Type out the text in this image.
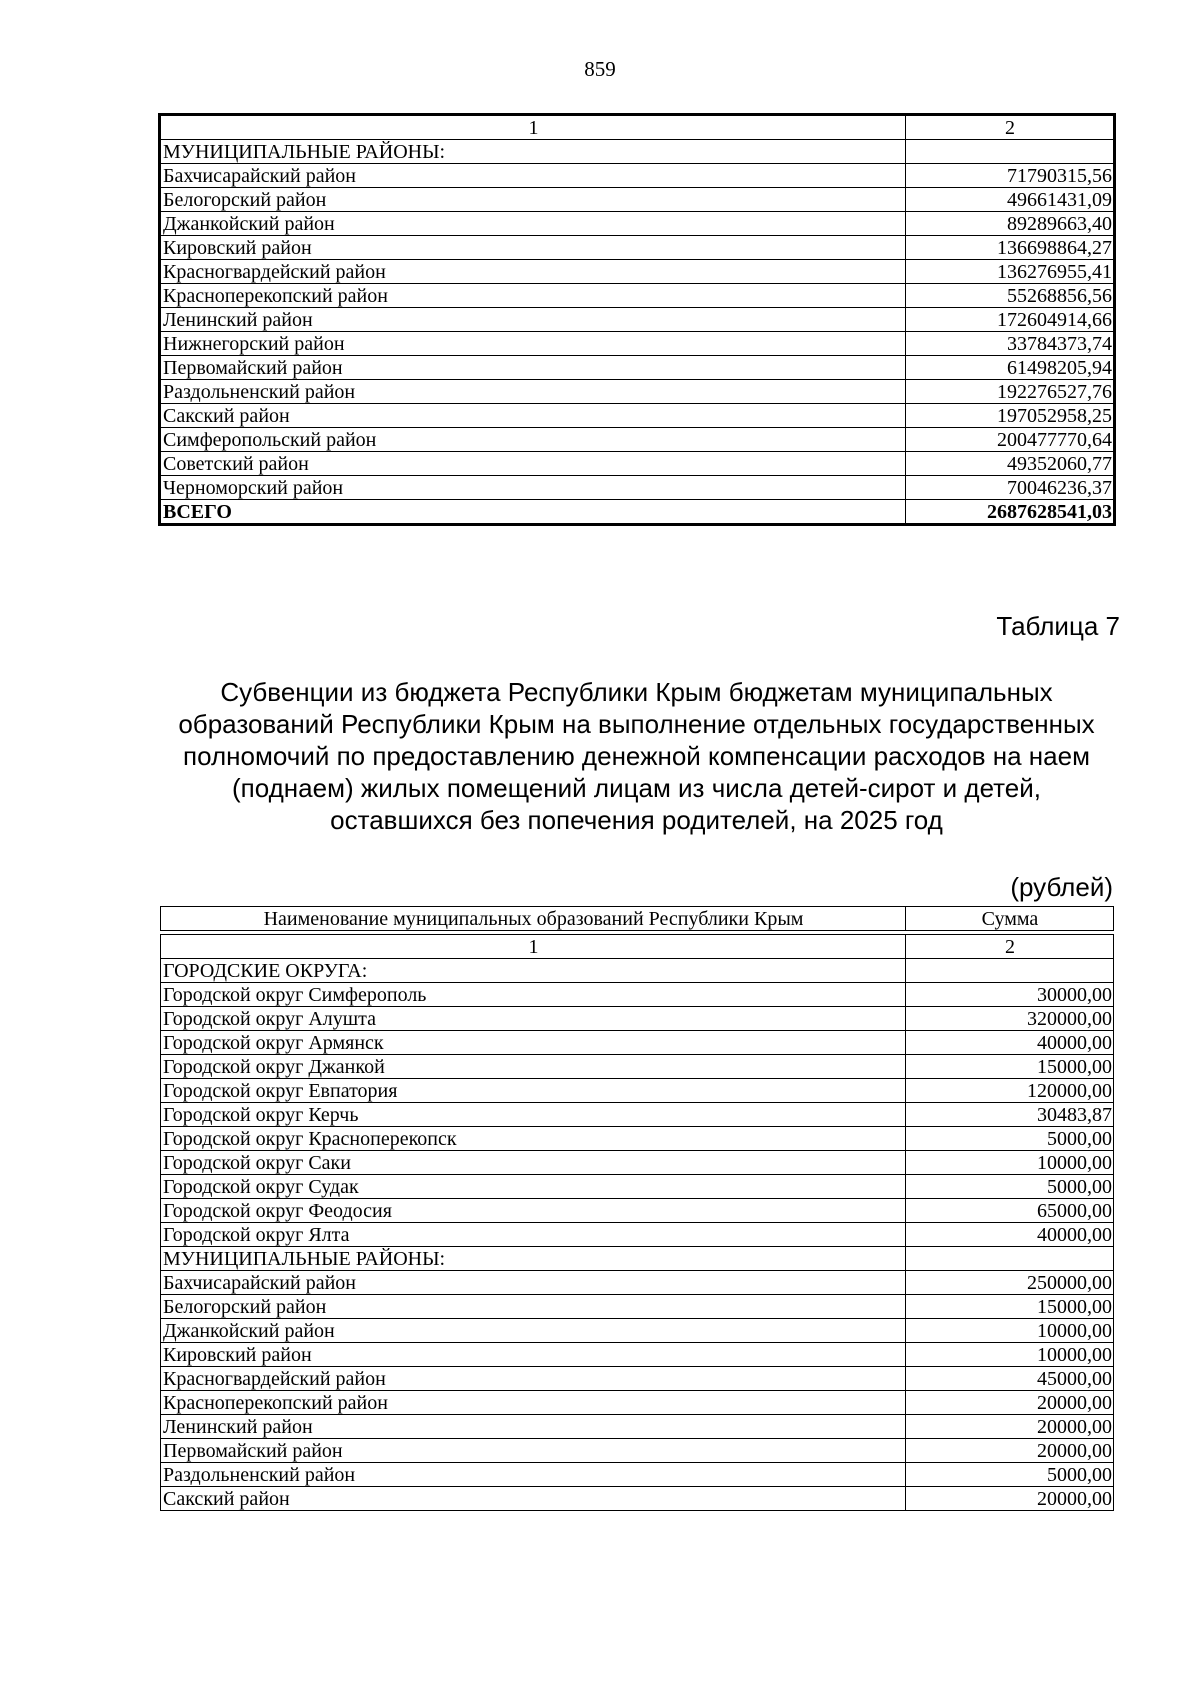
859
1	2
МУНИЦИПАЛЬНЫЕ РАЙОНЫ:	
Бахчисарайский район	71790315,56
Белогорский район	49661431,09
Джанкойский район	89289663,40
Кировский район	136698864,27
Красногвардейский район	136276955,41
Красноперекопский район	55268856,56
Ленинский район	172604914,66
Нижнегорский район	33784373,74
Первомайский район	61498205,94
Раздольненский район	192276527,76
Сакский район	197052958,25
Симферопольский район	200477770,64
Советский район	49352060,77
Черноморский район	70046236,37
ВСЕГО	2687628541,03
Таблица 7
Субвенции из бюджета Республики Крым бюджетам муниципальных
образований Республики Крым на выполнение отдельных государственных
полномочий по предоставлению денежной компенсации расходов на наем
(поднаем) жилых помещений лицам из числа детей-сирот и детей,
оставшихся без попечения родителей, на 2025 год
(рублей)
Наименование муниципальных образований Республики Крым	Сумма
1	2
ГОРОДСКИЕ ОКРУГА:	
Городской округ Симферополь	30000,00
Городской округ Алушта	320000,00
Городской округ Армянск	40000,00
Городской округ Джанкой	15000,00
Городской округ Евпатория	120000,00
Городской округ Керчь	30483,87
Городской округ Красноперекопск	5000,00
Городской округ Саки	10000,00
Городской округ Судак	5000,00
Городской округ Феодосия	65000,00
Городской округ Ялта	40000,00
МУНИЦИПАЛЬНЫЕ РАЙОНЫ:	
Бахчисарайский район	250000,00
Белогорский район	15000,00
Джанкойский район	10000,00
Кировский район	10000,00
Красногвардейский район	45000,00
Красноперекопский район	20000,00
Ленинский район	20000,00
Первомайский район	20000,00
Раздольненский район	5000,00
Сакский район	20000,00
